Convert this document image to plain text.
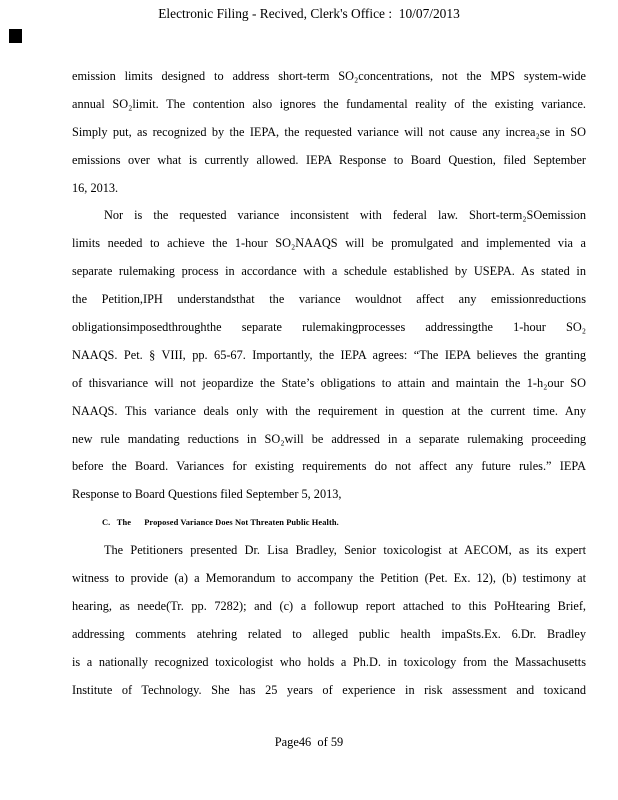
Electronic Filing - Recived, Clerk's Office :  10/07/2013
emission limits designed to address short-term SO₂concentrations, not the MPS system-wide
annual SO₂limit. The contention also ignores the fundamental reality of the existing variance.
Simply put, as recognized by the IEPA, the requested variance will not cause any increa₂se in SO
emissions over what is currently allowed. IEPA Response to Board Question, filed September
16, 2013.
Nor is the requested variance inconsistent with federal law. Short-term₂SOemission
limits needed to achieve the 1-hour SO₂NAAQS will be promulgated and implemented via a
separate rulemaking process in accordance with a schedule established by USEPA. As stated in
the Petition,IPH understandsthat the variance wouldnot affect any emissionreductions
obligationsimposedthroughthe separate rulemakingprocesses addressingthe 1-hour SO₂
NAAQS. Pet. § VIII, pp. 65-67. Importantly, the IEPA agrees: “The IEPA believes the granting
of thisvariance will not jeopardize the State’s obligations to attain and maintain the 1-h₂our SO
NAAQS. This variance deals only with the requirement in question at the current time. Any
new rule mandating reductions in SO₂will be addressed in a separate rulemaking proceeding
before the Board. Variances for existing requirements do not affect any future rules.” IEPA
Response to Board Questions filed September 5, 2013,
C.   The      Proposed Variance Does Not Threaten Public Health.
The Petitioners presented Dr. Lisa Bradley, Senior toxicologist at AECOM, as its expert
witness to provide (a) a Memorandum to accompany the Petition (Pet. Ex. 12), (b) testimony at
hearing, as neede(Tr. pp. 7282); and (c) a followup report attached to this PoHtearing Brief,
addressing comments atehring related to alleged public health impaSts.Ex. 6.Dr. Bradley
is a nationally recognized toxicologist who holds a Ph.D. in toxicology from the Massachusetts
Institute of Technology. She has 25 years of experience in risk assessment and toxicand
Page46  of 59
